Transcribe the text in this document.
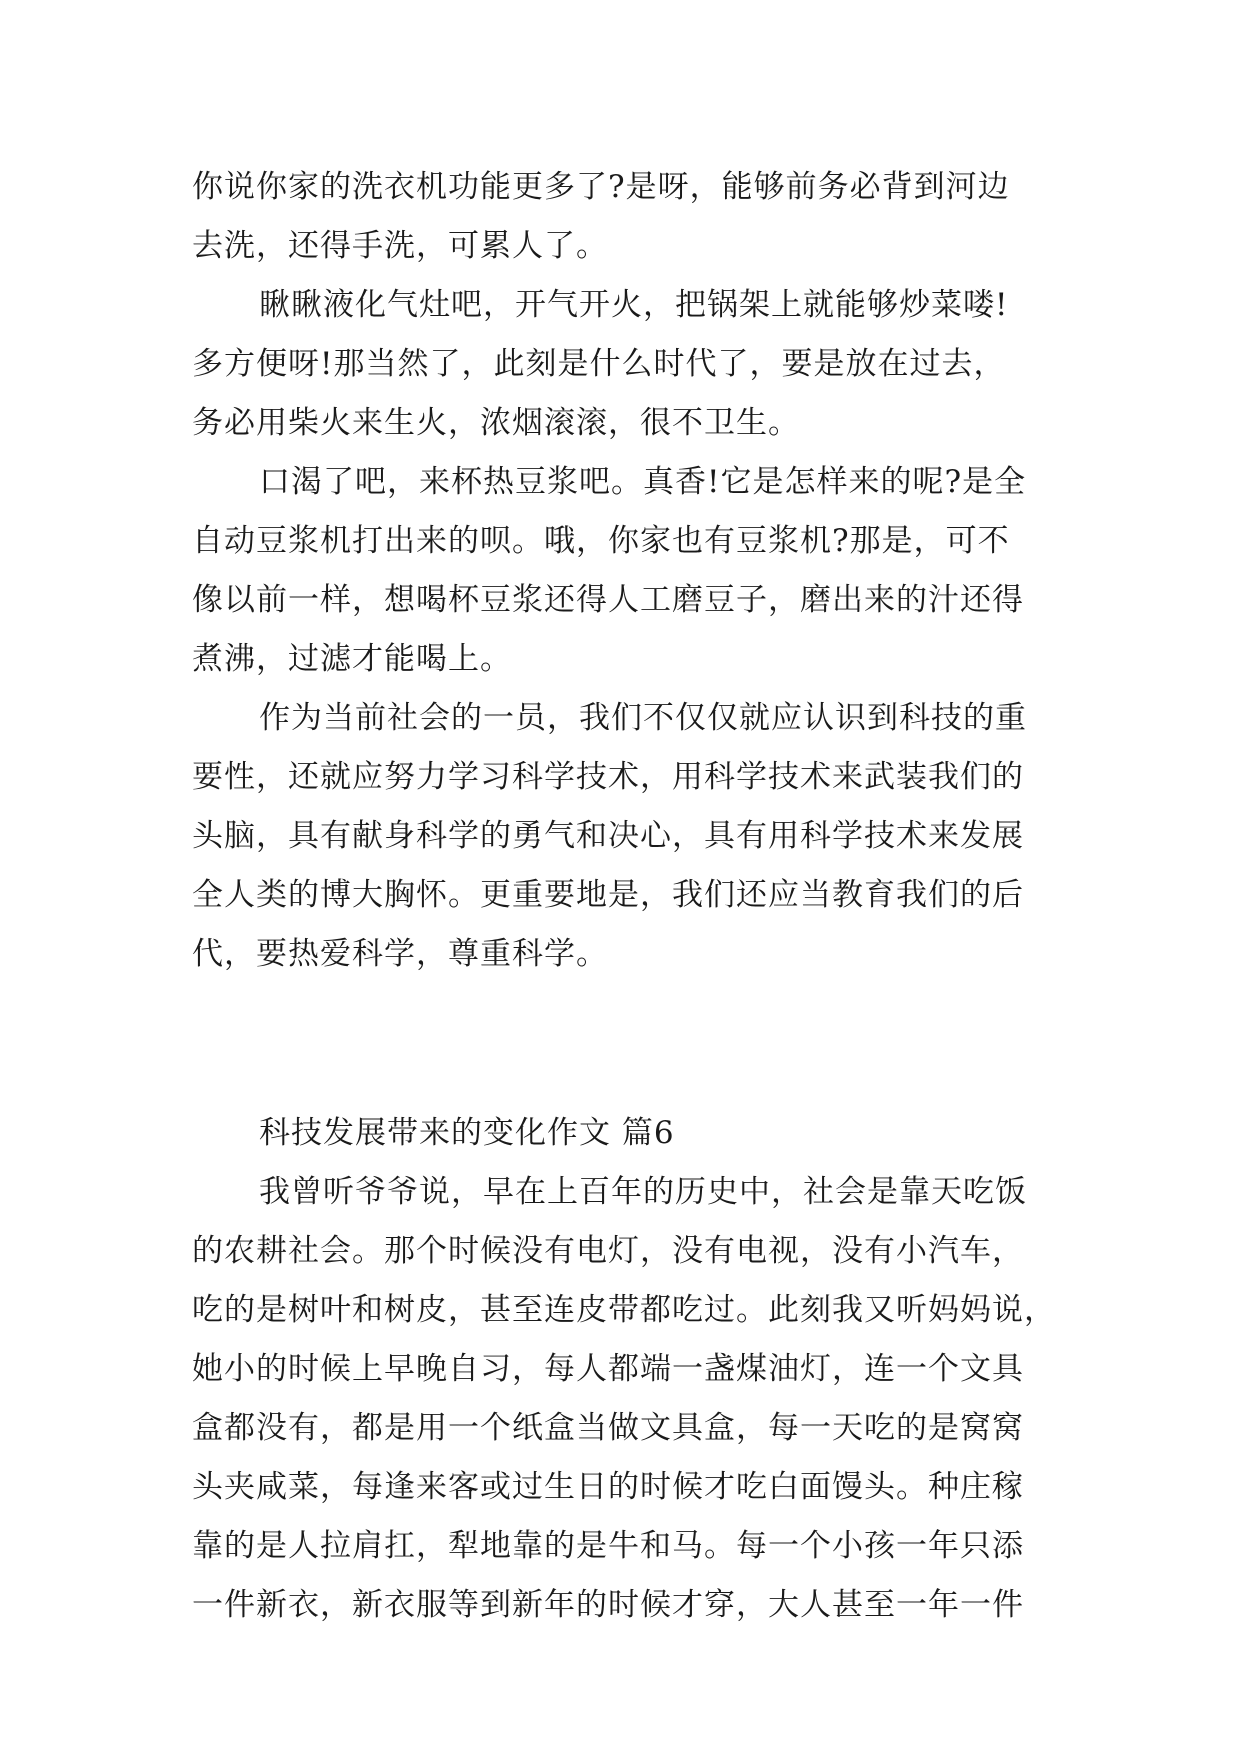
你说你家的洗衣机功能更多了?是呀，能够前务必背到河边
去洗，还得手洗，可累人了。
瞅瞅液化气灶吧，开气开火，把锅架上就能够炒菜喽!
多方便呀!那当然了，此刻是什么时代了，要是放在过去，
务必用柴火来生火，浓烟滚滚，很不卫生。
口渴了吧，来杯热豆浆吧。真香!它是怎样来的呢?是全
自动豆浆机打出来的呗。哦，你家也有豆浆机?那是，可不
像以前一样，想喝杯豆浆还得人工磨豆子，磨出来的汁还得
煮沸，过滤才能喝上。
作为当前社会的一员，我们不仅仅就应认识到科技的重
要性，还就应努力学习科学技术，用科学技术来武装我们的
头脑，具有献身科学的勇气和决心，具有用科学技术来发展
全人类的博大胸怀。更重要地是，我们还应当教育我们的后
代，要热爱科学，尊重科学。
科技发展带来的变化作文 篇6
我曾听爷爷说，早在上百年的历史中，社会是靠天吃饭
的农耕社会。那个时候没有电灯，没有电视，没有小汽车，
吃的是树叶和树皮，甚至连皮带都吃过。此刻我又听妈妈说，
她小的时候上早晚自习，每人都端一盏煤油灯，连一个文具
盒都没有，都是用一个纸盒当做文具盒，每一天吃的是窝窝
头夹咸菜，每逢来客或过生日的时候才吃白面馒头。种庄稼
靠的是人拉肩扛，犁地靠的是牛和马。每一个小孩一年只添
一件新衣，新衣服等到新年的时候才穿，大人甚至一年一件
